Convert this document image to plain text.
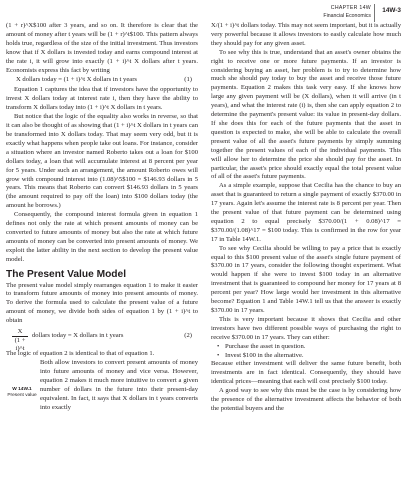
CHAPTER 14W
Financial Economics
14W-3

(1 + r)^X$100 after 3 years, and so on. It therefore is clear that the amount of money after t years will be (1 + r)^t$100. This pattern always holds true, regardless of the size of the initial investment. Thus investors know that if X dollars is invested today and earns compound interest at the rate i, it will grow into exactly (1 + i)^t X dollars after t years. Economists express this fact by writing

X dollars today = (1 + i)^t X dollars in t years	(1)

Equation 1 captures the idea that if investors have the opportunity to invest X dollars today at interest rate i, then they have the ability to transform X dollars today into (1 + i)^t X dollars in t years.

But notice that the logic of the equality also works in reverse, so that it can also be thought of as showing that (1 + i)^t X dollars in t years can be transformed into X dollars today. That may seem very odd, but it is exactly what happens when people take out loans. For instance, consider a situation where an investor named Roberto takes out a loan for $100 dollars today, a loan that will accumulate interest at 8 percent per year for 5 years. Under such an arrangement, the amount Roberto owes will grow with compound interest into (1.08)^5$100 = $146.93 dollars in 5 years. This means that Roberto can convert $146.93 dollars in 5 years (the amount required to pay off the loan) into $100 dollars today (the amount he borrows.)

Consequently, the compound interest formula given in equation 1 defines not only the rate at which present amounts of money can be converted to future amounts of money but also the rate at which future amounts of money can be converted into present amounts of money. We exploit the latter ability in the next section to develop the present value model.

The Present Value Model

The present value model simply rearranges equation 1 to make it easier to transform future amounts of money into present amounts of money. To derive the formula used to calculate the present value of a future amount of money, we divide both sides of equation 1 by (1 + i)^t to obtain

$\frac{X}{(1 + i)\^{}t}$ dollars today = X dollars in t years	(2)

The logic of equation 2 is identical to that of equation 1.

W 14W.1
Present value

Both allow investors to convert present amounts of money into future amounts of money and vice versa. However, equation 2 makes it much more intuitive to convert a given number of dollars in the future into their present-day equivalent. In fact, it says that X dollars in t years converts into exactly

X/(1 + i)^t dollars today. This may not seem important, but it is actually very powerful because it allows investors to easily calculate how much they should pay for any given asset.

To see why this is true, understand that an asset's owner obtains the right to receive one or more future payments. If an investor is considering buying an asset, her problem is to try to determine how much she should pay today to buy the asset and receive those future payments. Equation 2 makes this task very easy. If she knows how large any given payment will be (X dollars), when it will arrive (in t years), and what the interest rate (i) is, then she can apply equation 2 to determine the payment's present value: its value in present-day dollars. If she does this for each of the future payments that the asset in question is expected to make, she will be able to calculate the overall present value of all the asset's future payments by simply summing together the present values of each of the individual payments. This will allow her to determine the price she should pay for the asset. In particular, the asset's price should exactly equal the total present value of all of the asset's future payments.

As a simple example, suppose that Cecilia has the chance to buy an asset that is guaranteed to return a single payment of exactly $370.00 in 17 years. Again let's assume the interest rate is 8 percent per year. Then the present value of that future payment can be determined using equation 2 to equal precisely $370.00/(1 + 0.08)^17 = $370.00/(1.08)^17 = $100 today. This is confirmed in the row for year 17 in Table 14W.1.

To see why Cecilia should be willing to pay a price that is exactly equal to this $100 present value of the asset's single future payment of $370.00 in 17 years, consider the following thought experiment. What would happen if she were to invest $100 today in an alternative investment that is guaranteed to compound her money for 17 years at 8 percent per year? How large would her investment in this alternative become? Equation 1 and Table 14W.1 tell us that the answer is exactly $370.00 in 17 years.

This is very important because it shows that Cecilia and other investors have two different possible ways of purchasing the right to receive $370.00 in 17 years. They can either:

• Purchase the asset in question.
• Invest $100 in the alternative.

Because either investment will deliver the same future benefit, both investments are in fact identical. Consequently, they should have identical prices—meaning that each will cost precisely $100 today.

A good way to see why this must be the case is by considering how the presence of the alternative investment affects the behavior of both the potential buyers and the
